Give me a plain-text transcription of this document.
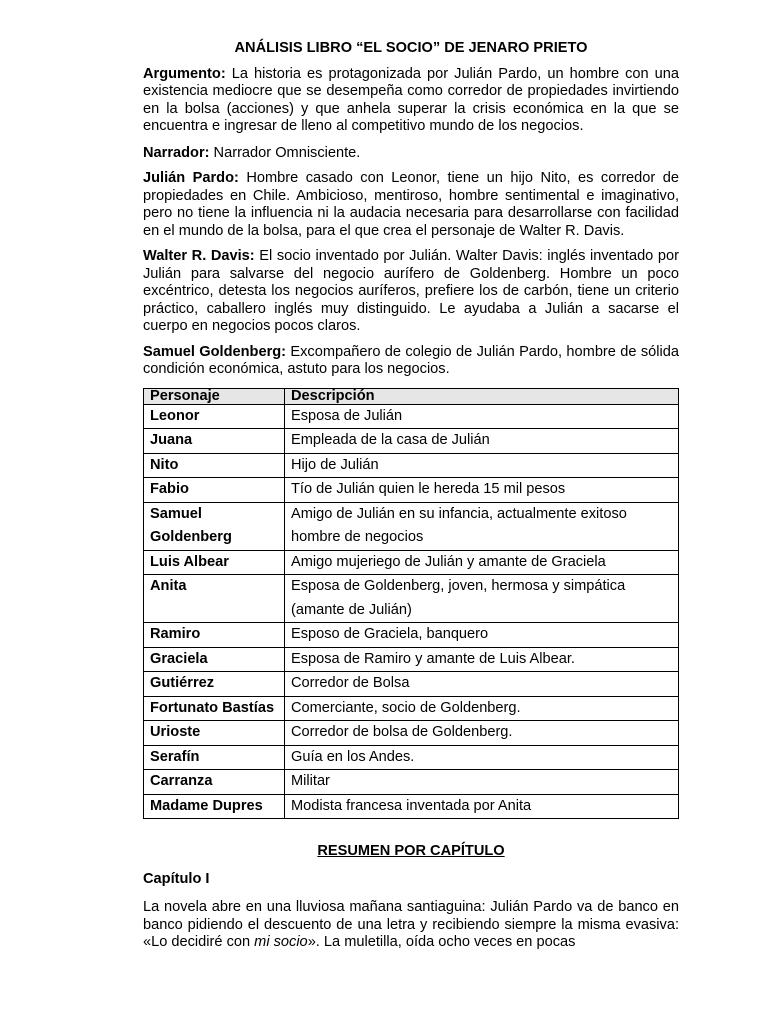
ANÁLISIS LIBRO “EL SOCIO” DE JENARO PRIETO

Argumento: La historia es protagonizada por Julián Pardo, un hombre con una existencia mediocre que se desempeña como corredor de propiedades invirtiendo en la bolsa (acciones) y que anhela superar la crisis económica en la que se encuentra e ingresar de lleno al competitivo mundo de los negocios.

Narrador: Narrador Omnisciente.

Julián Pardo: Hombre casado con Leonor, tiene un hijo Nito, es corredor de propiedades en Chile. Ambicioso, mentiroso, hombre sentimental e imaginativo, pero no tiene la influencia ni la audacia necesaria para desarrollarse con facilidad en el mundo de la bolsa, para el que crea el personaje de Walter R. Davis.

Walter R. Davis: El socio inventado por Julián. Walter Davis: inglés inventado por Julián para salvarse del negocio aurífero de Goldenberg. Hombre un poco excéntrico, detesta los negocios auríferos, prefiere los de carbón, tiene un criterio práctico, caballero inglés muy distinguido. Le ayudaba a Julián a sacarse el cuerpo en negocios pocos claros.

Samuel Goldenberg: Excompañero de colegio de Julián Pardo, hombre de sólida condición económica, astuto para los negocios.

Personaje	Descripción
Leonor	Esposa de Julián
Juana	Empleada de la casa de Julián
Nito	Hijo de Julián
Fabio	Tío de Julián quien le hereda 15 mil pesos
Samuel Goldenberg	Amigo de Julián en su infancia, actualmente exitoso hombre de negocios
Luis Albear	Amigo mujeriego de Julián y amante de Graciela
Anita	Esposa de Goldenberg, joven, hermosa y simpática (amante de Julián)
Ramiro	Esposo de Graciela, banquero
Graciela	Esposa de Ramiro y amante de Luis Albear.
Gutiérrez	Corredor de Bolsa
Fortunato Bastías	Comerciante, socio de Goldenberg.
Urioste	Corredor de bolsa de Goldenberg.
Serafín	Guía en los Andes.
Carranza	Militar
Madame Dupres	Modista francesa inventada por Anita
RESUMEN POR CAPÍTULO
Capítulo I

La novela abre en una lluviosa mañana santiaguina: Julián Pardo va de banco en banco pidiendo el descuento de una letra y recibiendo siempre la misma evasiva: «Lo decidiré con mi socio». La muletilla, oída ocho veces en pocas
